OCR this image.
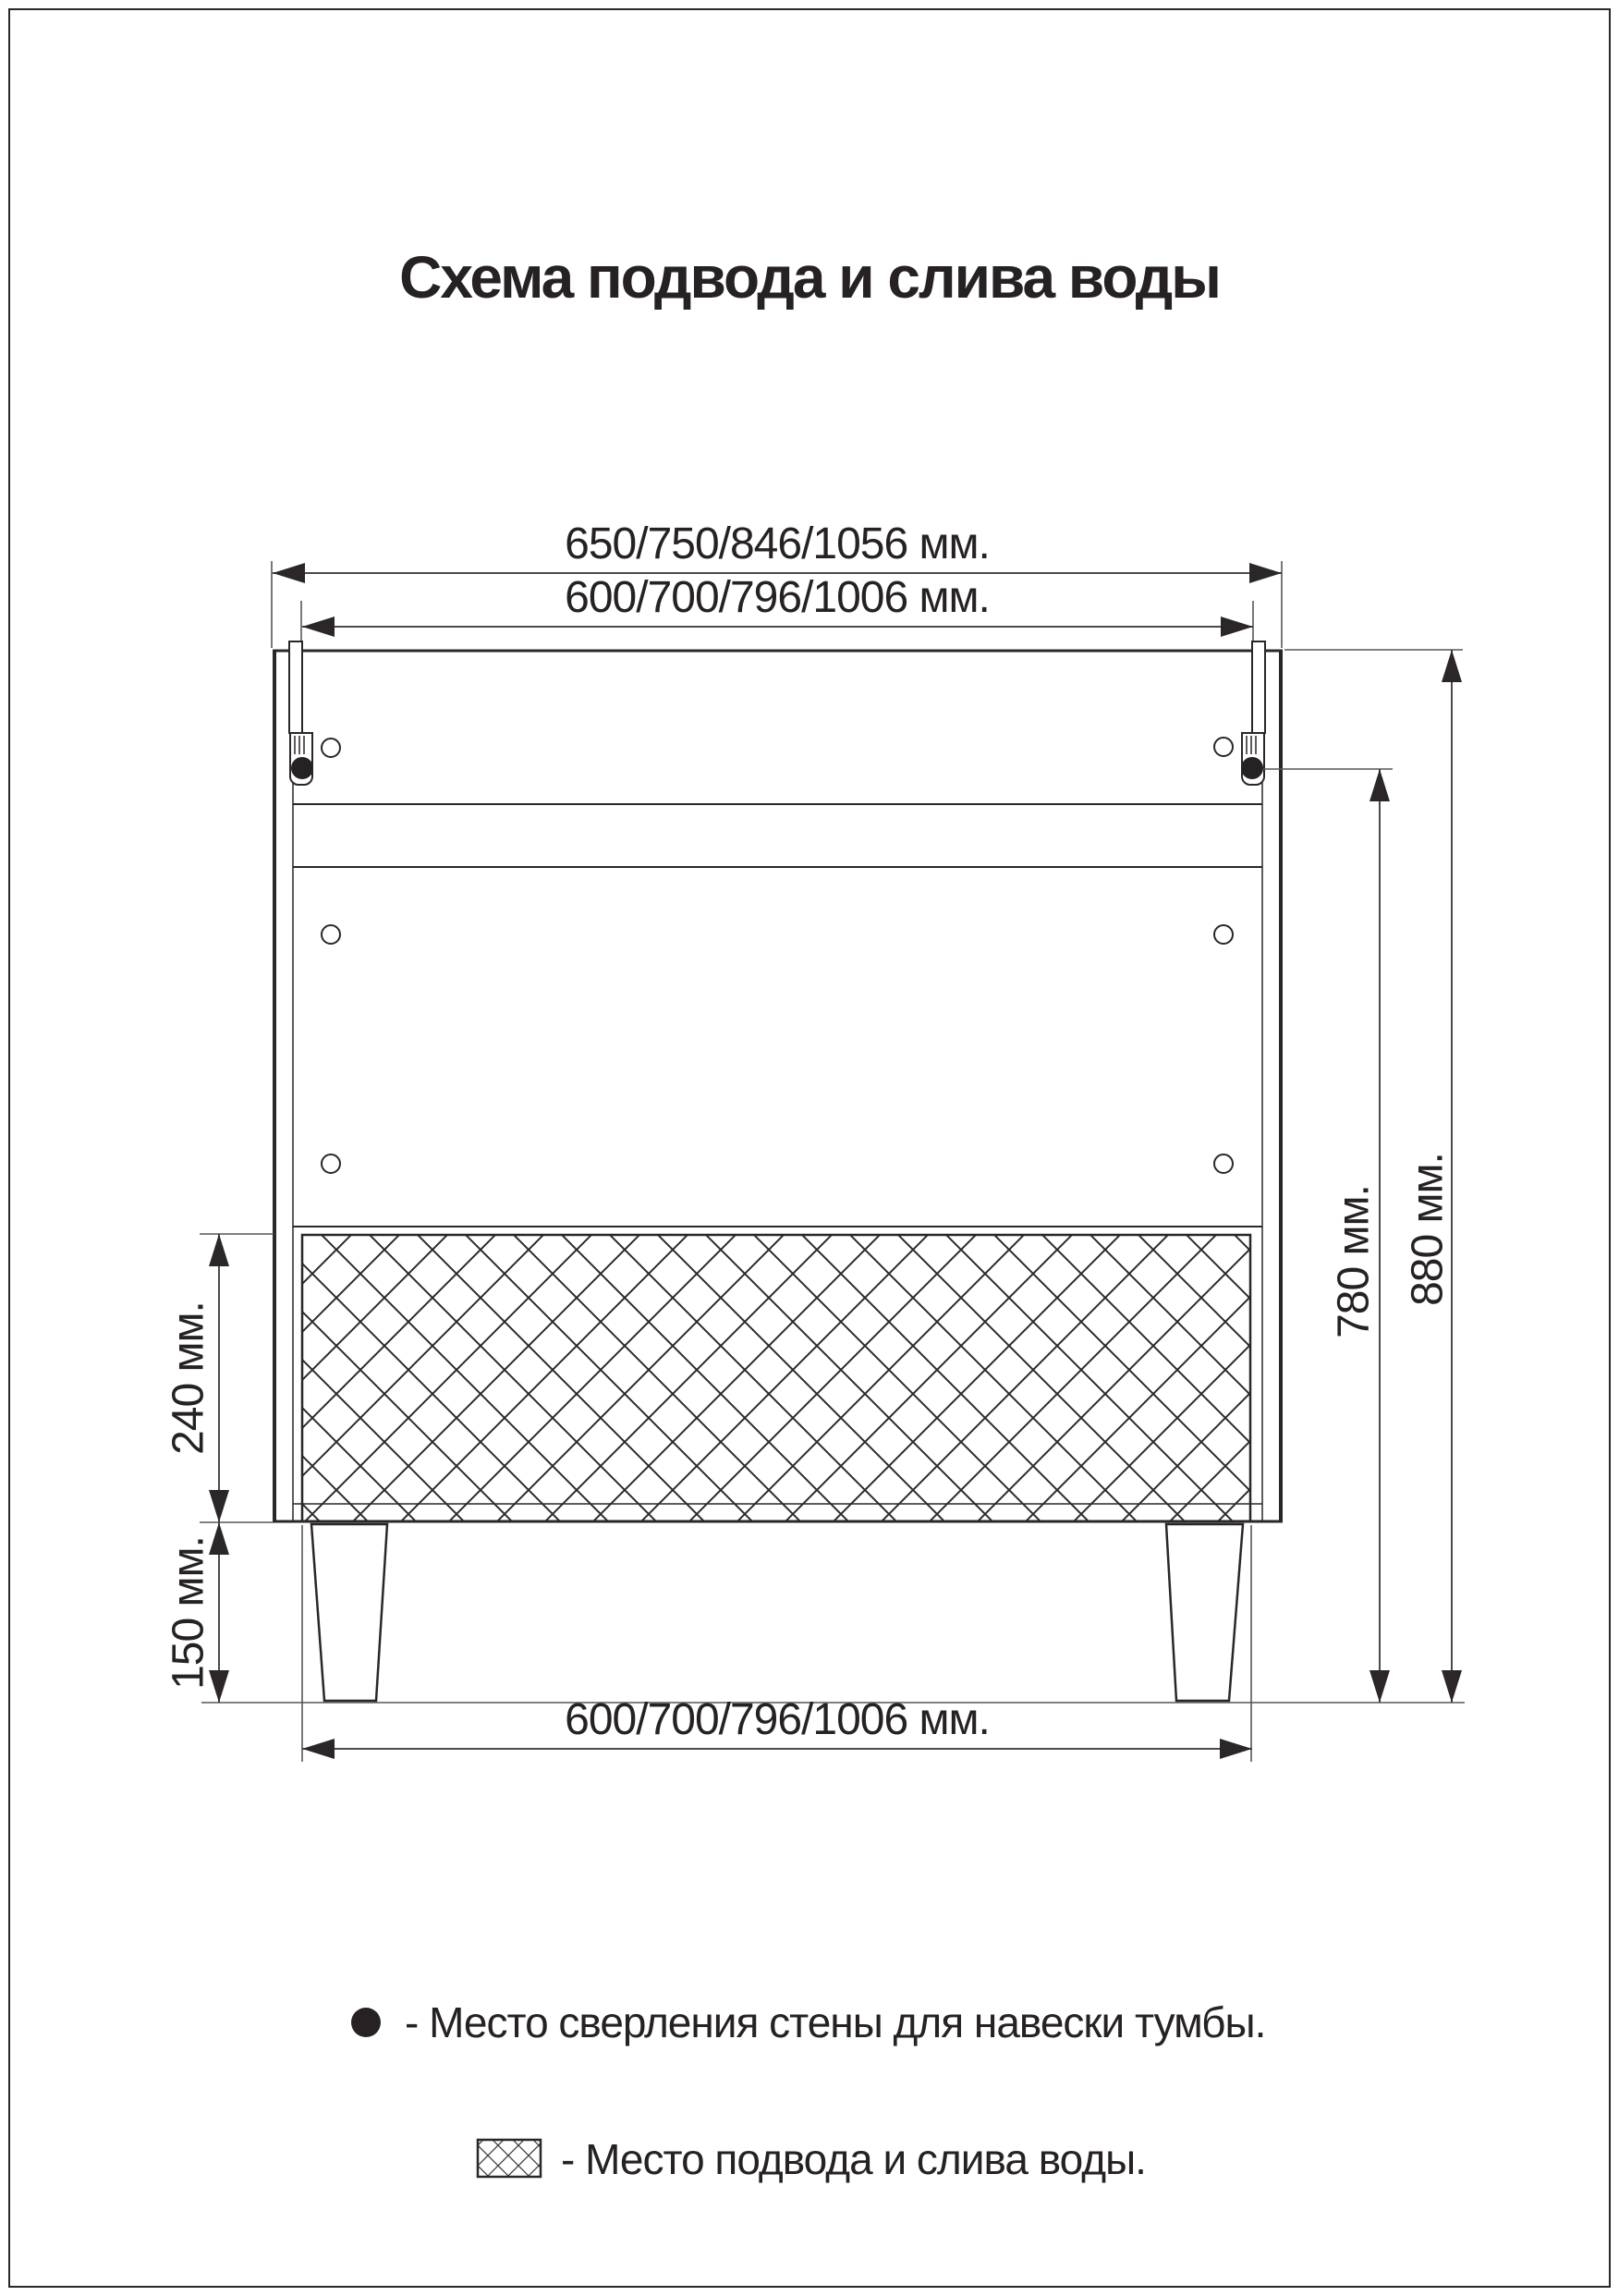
Схема подвода и слива воды
650/750/846/1056 мм.
600/700/796/1006 мм.
780 мм. 880 мм.
240 мм.
150 мм.
600/700/796/1006 мм.
- Место сверления стены для навески тумбы.
- Место подвода и слива воды.
